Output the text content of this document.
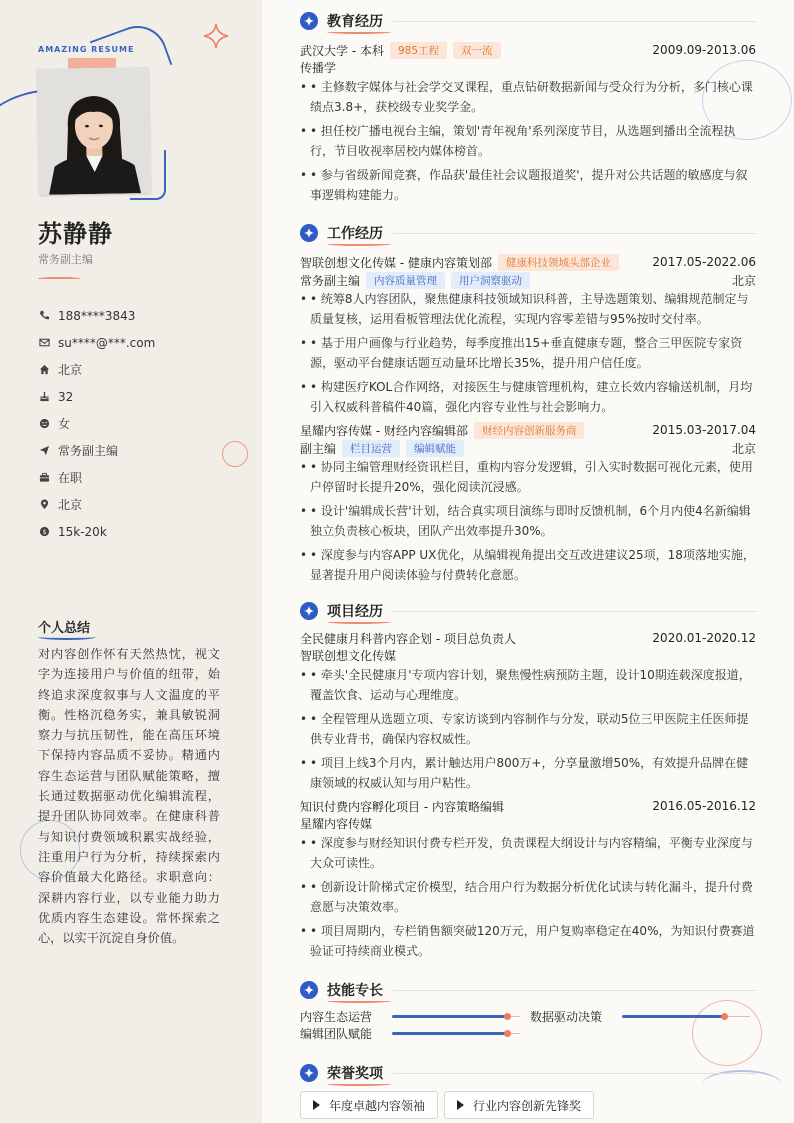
AMAZING RESUME
苏静静
常务副主编
188****3843
su****@***.com
北京
32
女
常务副主编
在职
北京
$ 15k-20k
个人总结
对内容创作怀有天然热忱，视文字为连接用户与价值的纽带，始终追求深度叙事与人文温度的平衡。性格沉稳务实，兼具敏锐洞察力与抗压韧性，能在高压环境下保持内容品质不妥协。精通内容生态运营与团队赋能策略，擅长通过数据驱动优化编辑流程，提升团队协同效率。在健康科普与知识付费领域积累实战经验，注重用户行为分析，持续探索内容价值最大化路径。求职意向：深耕内容行业，以专业能力助力优质内容生态建设。常怀探索之心，以实干沉淀自身价值。
教育经历
武汉大学 - 本科	985工程	双一流	2009.09-2013.06
传播学
• • 主修数字媒体与社会学交叉课程，重点钻研数据新闻与受众行为分析，多门核心课绩点3.8+，获校级专业奖学金。
• • 担任校广播电视台主编，策划'青年视角'系列深度节目，从选题到播出全流程执行，节目收视率居校内媒体榜首。
• • 参与省级新闻竞赛，作品获'最佳社会议题报道奖'，提升对公共话题的敏感度与叙事逻辑构建能力。
工作经历
智联创想文化传媒 - 健康内容策划部	健康科技领域头部企业	2017.05-2022.06
常务副主编	内容质量管理	用户洞察驱动	北京
• • 统筹8人内容团队，聚焦健康科技领域知识科普，主导选题策划、编辑规范制定与质量复核，运用看板管理法优化流程，实现内容零差错与95%按时交付率。
• • 基于用户画像与行业趋势，每季度推出15+垂直健康专题，整合三甲医院专家资源，驱动平台健康话题互动量环比增长35%，提升用户信任度。
• • 构建医疗KOL合作网络，对接医生与健康管理机构，建立长效内容输送机制，月均引入权威科普稿件40篇，强化内容专业性与社会影响力。
星耀内容传媒 - 财经内容编辑部	财经内容创新服务商	2015.03-2017.04
副主编	栏目运营	编辑赋能	北京
• • 协同主编管理财经资讯栏目，重构内容分发逻辑，引入实时数据可视化元素，使用户停留时长提升20%，强化阅读沉浸感。
• • 设计'编辑成长营'计划，结合真实项目演练与即时反馈机制，6个月内使4名新编辑独立负责核心板块，团队产出效率提升30%。
• • 深度参与内容APP UX优化，从编辑视角提出交互改进建议25项，18项落地实施，显著提升用户阅读体验与付费转化意愿。
项目经历
全民健康月科普内容企划 - 项目总负责人	2020.01-2020.12
智联创想文化传媒
• • 牵头'全民健康月'专项内容计划，聚焦慢性病预防主题，设计10期连载深度报道，覆盖饮食、运动与心理维度。
• • 全程管理从选题立项、专家访谈到内容制作与分发，联动5位三甲医院主任医师提供专业背书，确保内容权威性。
• • 项目上线3个月内，累计触达用户800万+，分享量激增50%，有效提升品牌在健康领域的权威认知与用户粘性。
知识付费内容孵化项目 - 内容策略编辑	2016.05-2016.12
星耀内容传媒
• • 深度参与财经知识付费专栏开发，负责课程大纲设计与内容精编，平衡专业深度与大众可读性。
• • 创新设计阶梯式定价模型，结合用户行为数据分析优化试读与转化漏斗，提升付费意愿与决策效率。
• • 项目周期内，专栏销售额突破120万元，用户复购率稳定在40%，为知识付费赛道验证可持续商业模式。
技能专长
内容生态运营	数据驱动决策
编辑团队赋能
荣誉奖项
年度卓越内容领袖	行业内容创新先锋奖
